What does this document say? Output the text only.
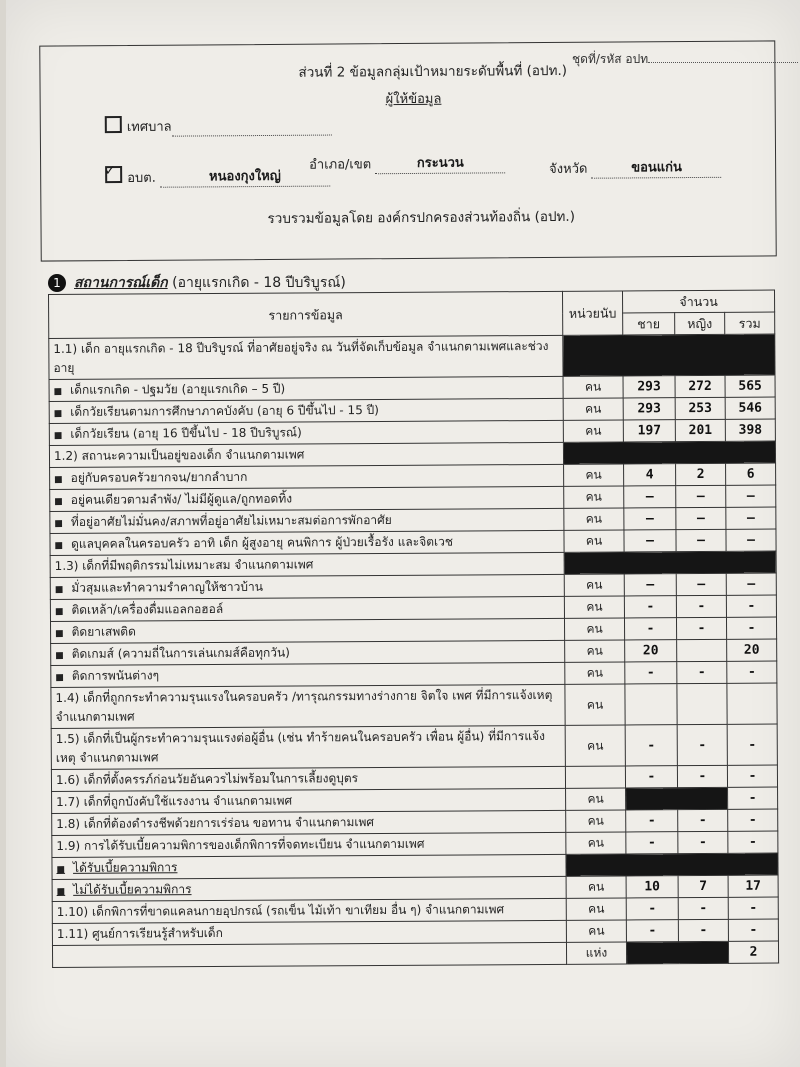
ชุดที่/รหัส อปท
ส่วนที่ 2 ข้อมูลกลุ่มเป้าหมายระดับพื้นที่ (อปท.)
ผู้ให้ข้อมูล
เทศบาล
✓ อบต.	หนองกุงใหญ่
อำเภอ/เขต	กระนวน	จังหวัด	ขอนแก่น
รวบรวมข้อมูลโดย องค์กรปกครองส่วนท้องถิ่น (อปท.)
1 สถานการณ์เด็ก (อายุแรกเกิด - 18 ปีบริบูรณ์)
รายการข้อมูล	หน่วยนับ	จำนวน		
		ชาย	หญิง	รวม
1.1) เด็ก อายุแรกเกิด - 18 ปีบริบูรณ์ ที่อาศัยอยู่จริง ณ วันที่จัดเก็บข้อมูล จำแนกตามเพศและช่วงอายุ				
■ เด็กแรกเกิด - ปฐมวัย (อายุแรกเกิด – 5 ปี)	คน	293	272	565
■ เด็กวัยเรียนตามการศึกษาภาคบังคับ (อายุ 6 ปีขึ้นไป - 15 ปี)	คน	293	253	546
■ เด็กวัยเรียน (อายุ 16 ปีขึ้นไป - 18 ปีบริบูรณ์)	คน	197	201	398
1.2) สถานะความเป็นอยู่ของเด็ก จำแนกตามเพศ				
■ อยู่กับครอบครัวยากจน/ยากลำบาก	คน	4	2	6
■ อยู่คนเดียวตามลำพัง/ ไม่มีผู้ดูแล/ถูกทอดทิ้ง	คน	–	–	–
■ ที่อยู่อาศัยไม่มั่นคง/สภาพที่อยู่อาศัยไม่เหมาะสมต่อการพักอาศัย	คน	–	–	–
■ ดูแลบุคคลในครอบครัว อาทิ เด็ก ผู้สูงอายุ คนพิการ ผู้ป่วยเรื้อรัง และจิตเวช	คน	–	–	–
1.3) เด็กที่มีพฤติกรรมไม่เหมาะสม จำแนกตามเพศ				
■ มั่วสุมและทำความรำคาญให้ชาวบ้าน	คน	–	–	–
■ ติดเหล้า/เครื่องดื่มแอลกอฮอล์	คน	-	-	-
■ ติดยาเสพติด	คน	-	-	-
■ ติดเกมส์ (ความถี่ในการเล่นเกมส์คือทุกวัน)	คน	20		20
■ ติดการพนันต่างๆ	คน	-	-	-
1.4) เด็กที่ถูกกระทำความรุนแรงในครอบครัว /ทารุณกรรมทางร่างกาย จิตใจ เพศ ที่มีการแจ้งเหตุ จำแนกตามเพศ	คน			
1.5) เด็กที่เป็นผู้กระทำความรุนแรงต่อผู้อื่น (เช่น ทำร้ายคนในครอบครัว เพื่อน ผู้อื่น) ที่มีการแจ้งเหตุ จำแนกตามเพศ	คน	-	-	-
1.6) เด็กที่ตั้งครรภ์ก่อนวัยอันควรไม่พร้อมในการเลี้ยงดูบุตร		-	-	-
1.7) เด็กที่ถูกบังคับใช้แรงงาน จำแนกตามเพศ	คน			-
1.8) เด็กที่ต้องดำรงชีพด้วยการเร่ร่อน ขอทาน จำแนกตามเพศ	คน	-	-	-
1.9) การได้รับเบี้ยความพิการของเด็กพิการที่จดทะเบียน จำแนกตามเพศ	คน	-	-	-
■ ได้รับเบี้ยความพิการ	
■ ไม่ได้รับเบี้ยความพิการ	คน	10	7	17
1.10) เด็กพิการที่ขาดแคลนกายอุปกรณ์ (รถเข็น ไม้เท้า ขาเทียม อื่น ๆ) จำแนกตามเพศ	คน	-	-	-
1.11) ศูนย์การเรียนรู้สำหรับเด็ก	คน	-	-	-
	แห่ง			2
